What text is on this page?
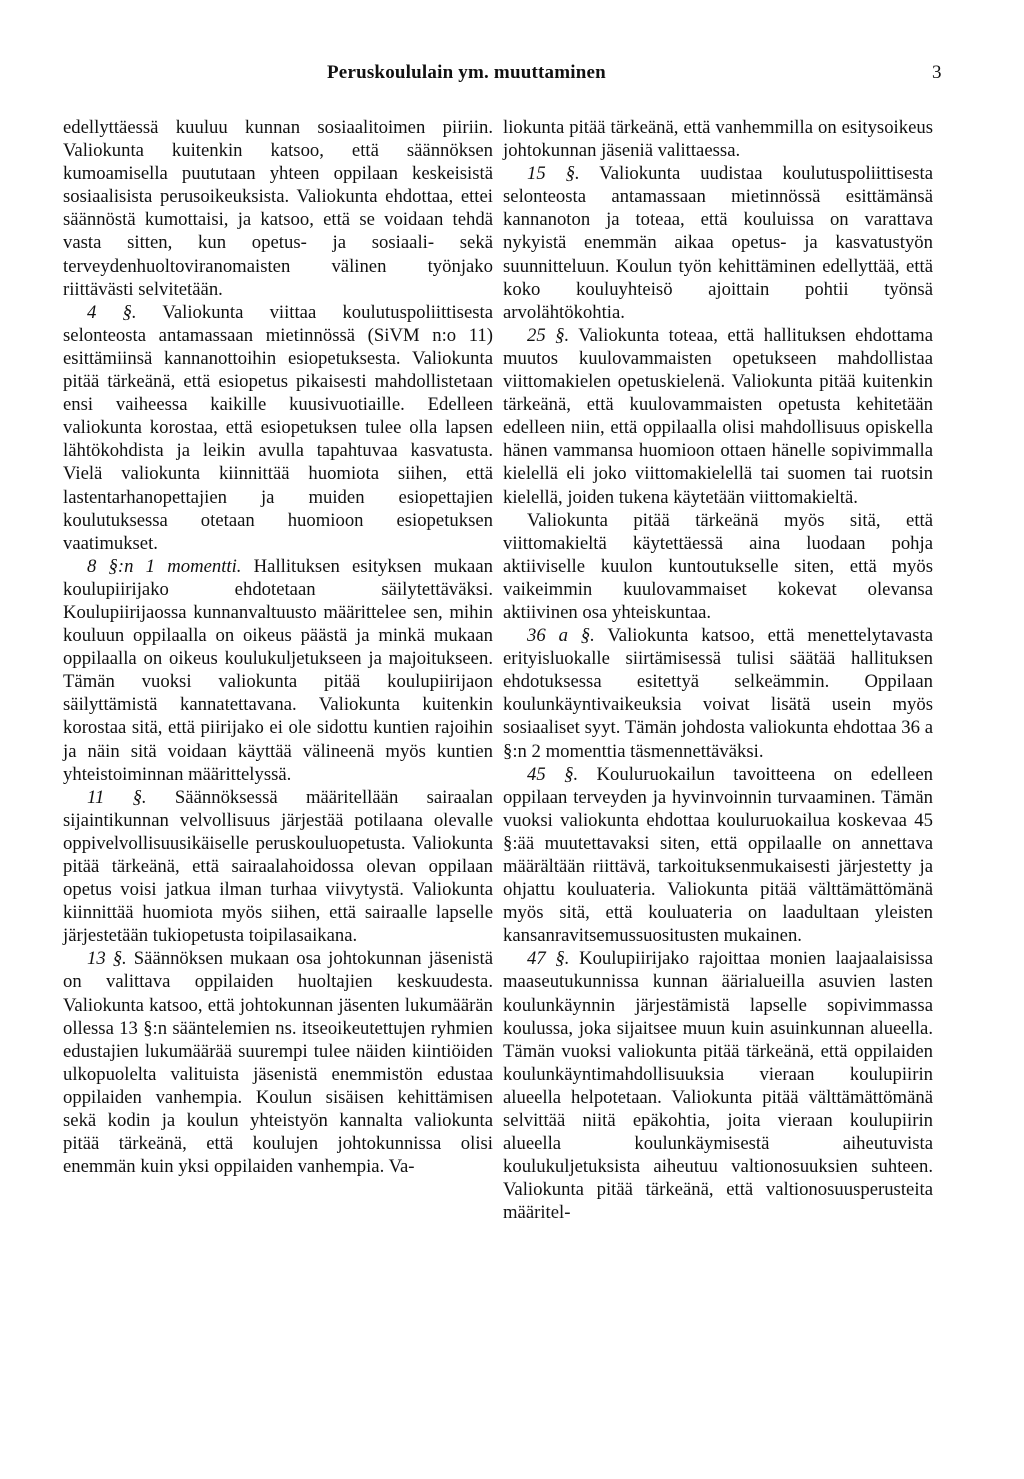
Peruskoululain ym. muuttaminen	3

edellyttäessä kuuluu kunnan sosiaalitoimen piiriin. Valiokunta kuitenkin katsoo, että säännöksen kumoamisella puututaan yhteen oppilaan keskeisistä sosiaalisista perusoikeuksista. Valiokunta ehdottaa, ettei säännöstä kumottaisi, ja katsoo, että se voidaan tehdä vasta sitten, kun opetus- ja sosiaali- sekä terveydenhuoltoviranomaisten välinen työnjako riittävästi selvitetään.

4 §. Valiokunta viittaa koulutuspoliittisesta selonteosta antamassaan mietinnössä (SiVM n:o 11) esittämiinsä kannanottoihin esiopetuksesta. Valiokunta pitää tärkeänä, että esiopetus pikaisesti mahdollistetaan ensi vaiheessa kaikille kuusivuotiaille. Edelleen valiokunta korostaa, että esiopetuksen tulee olla lapsen lähtökohdista ja leikin avulla tapahtuvaa kasvatusta. Vielä valiokunta kiinnittää huomiota siihen, että lastentarhanopettajien ja muiden esiopettajien koulutuksessa otetaan huomioon esiopetuksen vaatimukset.

8 §:n 1 momentti. Hallituksen esityksen mukaan koulupiirijako ehdotetaan säilytettäväksi. Koulupiirijaossa kunnanvaltuusto määrittelee sen, mihin kouluun oppilaalla on oikeus päästä ja minkä mukaan oppilaalla on oikeus koulukuljetukseen ja majoitukseen. Tämän vuoksi valiokunta pitää koulupiirijaon säilyttämistä kannatettavana. Valiokunta kuitenkin korostaa sitä, että piirijako ei ole sidottu kuntien rajoihin ja näin sitä voidaan käyttää välineenä myös kuntien yhteistoiminnan määrittelyssä.

11 §. Säännöksessä määritellään sairaalan sijaintikunnan velvollisuus järjestää potilaana olevalle oppivelvollisuusikäiselle peruskouluopetusta. Valiokunta pitää tärkeänä, että sairaalahoidossa olevan oppilaan opetus voisi jatkua ilman turhaa viivytystä. Valiokunta kiinnittää huomiota myös siihen, että sairaalle lapselle järjestetään tukiopetusta toipilasaikana.

13 §. Säännöksen mukaan osa johtokunnan jäsenistä on valittava oppilaiden huoltajien keskuudesta. Valiokunta katsoo, että johtokunnan jäsenten lukumäärän ollessa 13 §:n sääntelemien ns. itseoikeutettujen ryhmien edustajien lukumäärää suurempi tulee näiden kiintiöiden ulkopuolelta valituista jäsenistä enemmistön edustaa oppilaiden vanhempia. Koulun sisäisen kehittämisen sekä kodin ja koulun yhteistyön kannalta valiokunta pitää tärkeänä, että koulujen johtokunnissa olisi enemmän kuin yksi oppilaiden vanhempia. Va-

liokunta pitää tärkeänä, että vanhemmilla on esitysoikeus johtokunnan jäseniä valittaessa.

15 §. Valiokunta uudistaa koulutuspoliittisesta selonteosta antamassaan mietinnössä esittämänsä kannanoton ja toteaa, että kouluissa on varattava nykyistä enemmän aikaa opetus- ja kasvatustyön suunnitteluun. Koulun työn kehittäminen edellyttää, että koko kouluyhteisö ajoittain pohtii työnsä arvolähtökohtia.

25 §. Valiokunta toteaa, että hallituksen ehdottama muutos kuulovammaisten opetukseen mahdollistaa viittomakielen opetuskielenä. Valiokunta pitää kuitenkin tärkeänä, että kuulovammaisten opetusta kehitetään edelleen niin, että oppilaalla olisi mahdollisuus opiskella hänen vammansa huomioon ottaen hänelle sopivimmalla kielellä eli joko viittomakielellä tai suomen tai ruotsin kielellä, joiden tukena käytetään viittomakieltä.

Valiokunta pitää tärkeänä myös sitä, että viittomakieltä käytettäessä aina luodaan pohja aktiiviselle kuulon kuntoutukselle siten, että myös vaikeimmin kuulovammaiset kokevat olevansa aktiivinen osa yhteiskuntaa.

36 a §. Valiokunta katsoo, että menettelytavasta erityisluokalle siirtämisessä tulisi säätää hallituksen ehdotuksessa esitettyä selkeämmin. Oppilaan koulunkäyntivaikeuksia voivat lisätä usein myös sosiaaliset syyt. Tämän johdosta valiokunta ehdottaa 36 a §:n 2 momenttia täsmennettäväksi.

45 §. Kouluruokailun tavoitteena on edelleen oppilaan terveyden ja hyvinvoinnin turvaaminen. Tämän vuoksi valiokunta ehdottaa kouluruokailua koskevaa 45 §:ää muutettavaksi siten, että oppilaalle on annettava määrältään riittävä, tarkoituksenmukaisesti järjestetty ja ohjattu kouluateria. Valiokunta pitää välttämättömänä myös sitä, että kouluateria on laadultaan yleisten kansanravitsemussuositusten mukainen.

47 §. Koulupiirijako rajoittaa monien laajaalaisissa maaseutukunnissa kunnan äärialueilla asuvien lasten koulunkäynnin järjestämistä lapselle sopivimmassa koulussa, joka sijaitsee muun kuin asuinkunnan alueella. Tämän vuoksi valiokunta pitää tärkeänä, että oppilaiden koulunkäyntimahdollisuuksia vieraan koulupiirin alueella helpotetaan. Valiokunta pitää välttämättömänä selvittää niitä epäkohtia, joita vieraan koulupiirin alueella koulunkäymisestä aiheutuvista koulukuljetuksista aiheutuu valtionosuuksien suhteen. Valiokunta pitää tärkeänä, että valtionosuusperusteita määritel-
